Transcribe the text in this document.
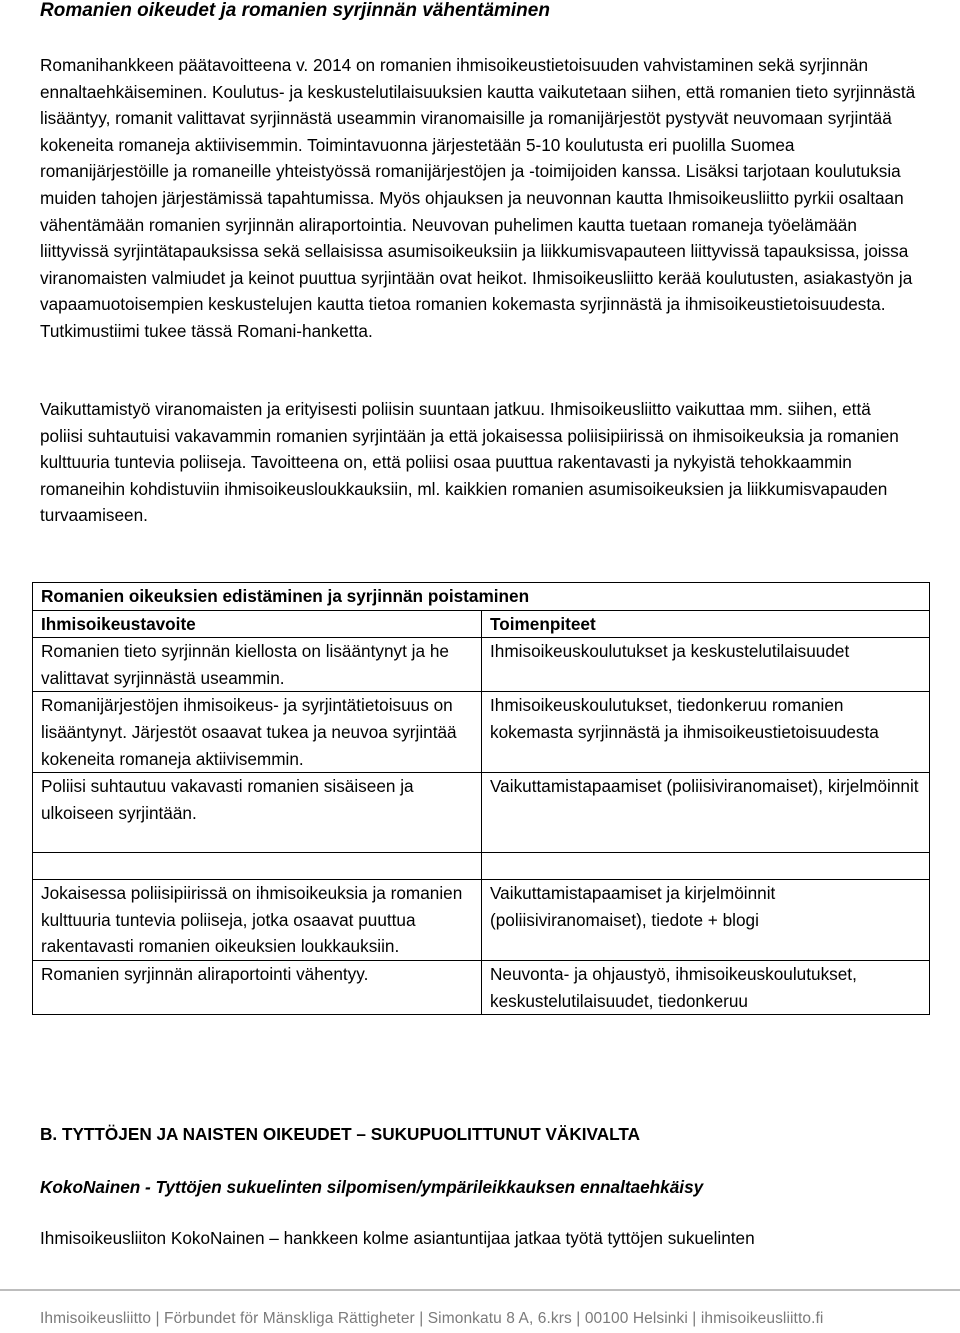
Romanien oikeudet ja romanien syrjinnän vähentäminen

Romanihankkeen päätavoitteena v. 2014 on romanien ihmisoikeustietoisuuden vahvistaminen sekä syrjinnän ennaltaehkäiseminen. Koulutus- ja keskustelutilaisuuksien kautta vaikutetaan siihen, että romanien tieto syrjinnästä lisääntyy, romanit valittavat syrjinnästä useammin viranomaisille ja romanijärjestöt pystyvät neuvomaan syrjintää kokeneita romaneja aktiivisemmin. Toimintavuonna järjestetään 5-10 koulutusta eri puolilla Suomea romanijärjestöille ja romaneille yhteistyössä romanijärjestöjen ja -toimijoiden kanssa. Lisäksi tarjotaan koulutuksia muiden tahojen järjestämissä tapahtumissa. Myös ohjauksen ja neuvonnan kautta Ihmisoikeusliitto pyrkii osaltaan vähentämään romanien syrjinnän aliraportointia. Neuvovan puhelimen kautta tuetaan romaneja työelämään liittyvissä syrjintätapauksissa sekä sellaisissa asumisoikeuksiin ja liikkumisvapauteen liittyvissä tapauksissa, joissa viranomaisten valmiudet ja keinot puuttua syrjintään ovat heikot. Ihmisoikeusliitto kerää koulutusten, asiakastyön ja vapaamuotoisempien keskustelujen kautta tietoa romanien kokemasta syrjinnästä ja ihmisoikeustietoisuudesta. Tutkimustiimi tukee tässä Romani-hanketta.

Vaikuttamistyö viranomaisten ja erityisesti poliisin suuntaan jatkuu. Ihmisoikeusliitto vaikuttaa mm. siihen, että poliisi suhtautuisi vakavammin romanien syrjintään ja että jokaisessa poliisipiirissä on ihmisoikeuksia ja romanien kulttuuria tuntevia poliiseja. Tavoitteena on, että poliisi osaa puuttua rakentavasti ja nykyistä tehokkaammin romaneihin kohdistuviin ihmisoikeusloukkauksiin, ml. kaikkien romanien asumisoikeuksien ja liikkumisvapauden turvaamiseen.

Romanien oikeuksien edistäminen ja syrjinnän poistaminen	
Ihmisoikeustavoite	Toimenpiteet
Romanien tieto syrjinnän kiellosta on lisääntynyt ja he valittavat syrjinnästä useammin.	Ihmisoikeuskoulutukset ja keskustelutilaisuudet
Romanijärjestöjen ihmisoikeus- ja syrjintätietoisuus on lisääntynyt. Järjestöt osaavat tukea ja neuvoa syrjintää kokeneita romaneja aktiivisemmin.	Ihmisoikeuskoulutukset, tiedonkeruu romanien kokemasta syrjinnästä ja ihmisoikeustietoisuudesta
Poliisi suhtautuu vakavasti romanien sisäiseen ja ulkoiseen syrjintään.	Vaikuttamistapaamiset (poliisiviranomaiset), kirjelmöinnit

Jokaisessa poliisipiirissä on ihmisoikeuksia ja romanien kulttuuria tuntevia poliiseja, jotka osaavat puuttua rakentavasti romanien oikeuksien loukkauksiin.	Vaikuttamistapaamiset ja kirjelmöinnit (poliisiviranomaiset), tiedote + blogi
Romanien syrjinnän aliraportointi vähentyy.	Neuvonta- ja ohjaustyö, ihmisoikeuskoulutukset, keskustelutilaisuudet, tiedonkeruu
B. TYTTÖJEN JA NAISTEN OIKEUDET – SUKUPUOLITTUNUT VÄKIVALTA
KokoNainen - Tyttöjen sukuelinten silpomisen/ympärileikkauksen ennaltaehkäisy

Ihmisoikeusliiton KokoNainen – hankkeen kolme asiantuntijaa jatkaa työtä tyttöjen sukuelinten

Ihmisoikeusliitto | Förbundet för Mänskliga Rättigheter | Simonkatu 8 A, 6.krs | 00100 Helsinki | ihmisoikeusliitto.fi
